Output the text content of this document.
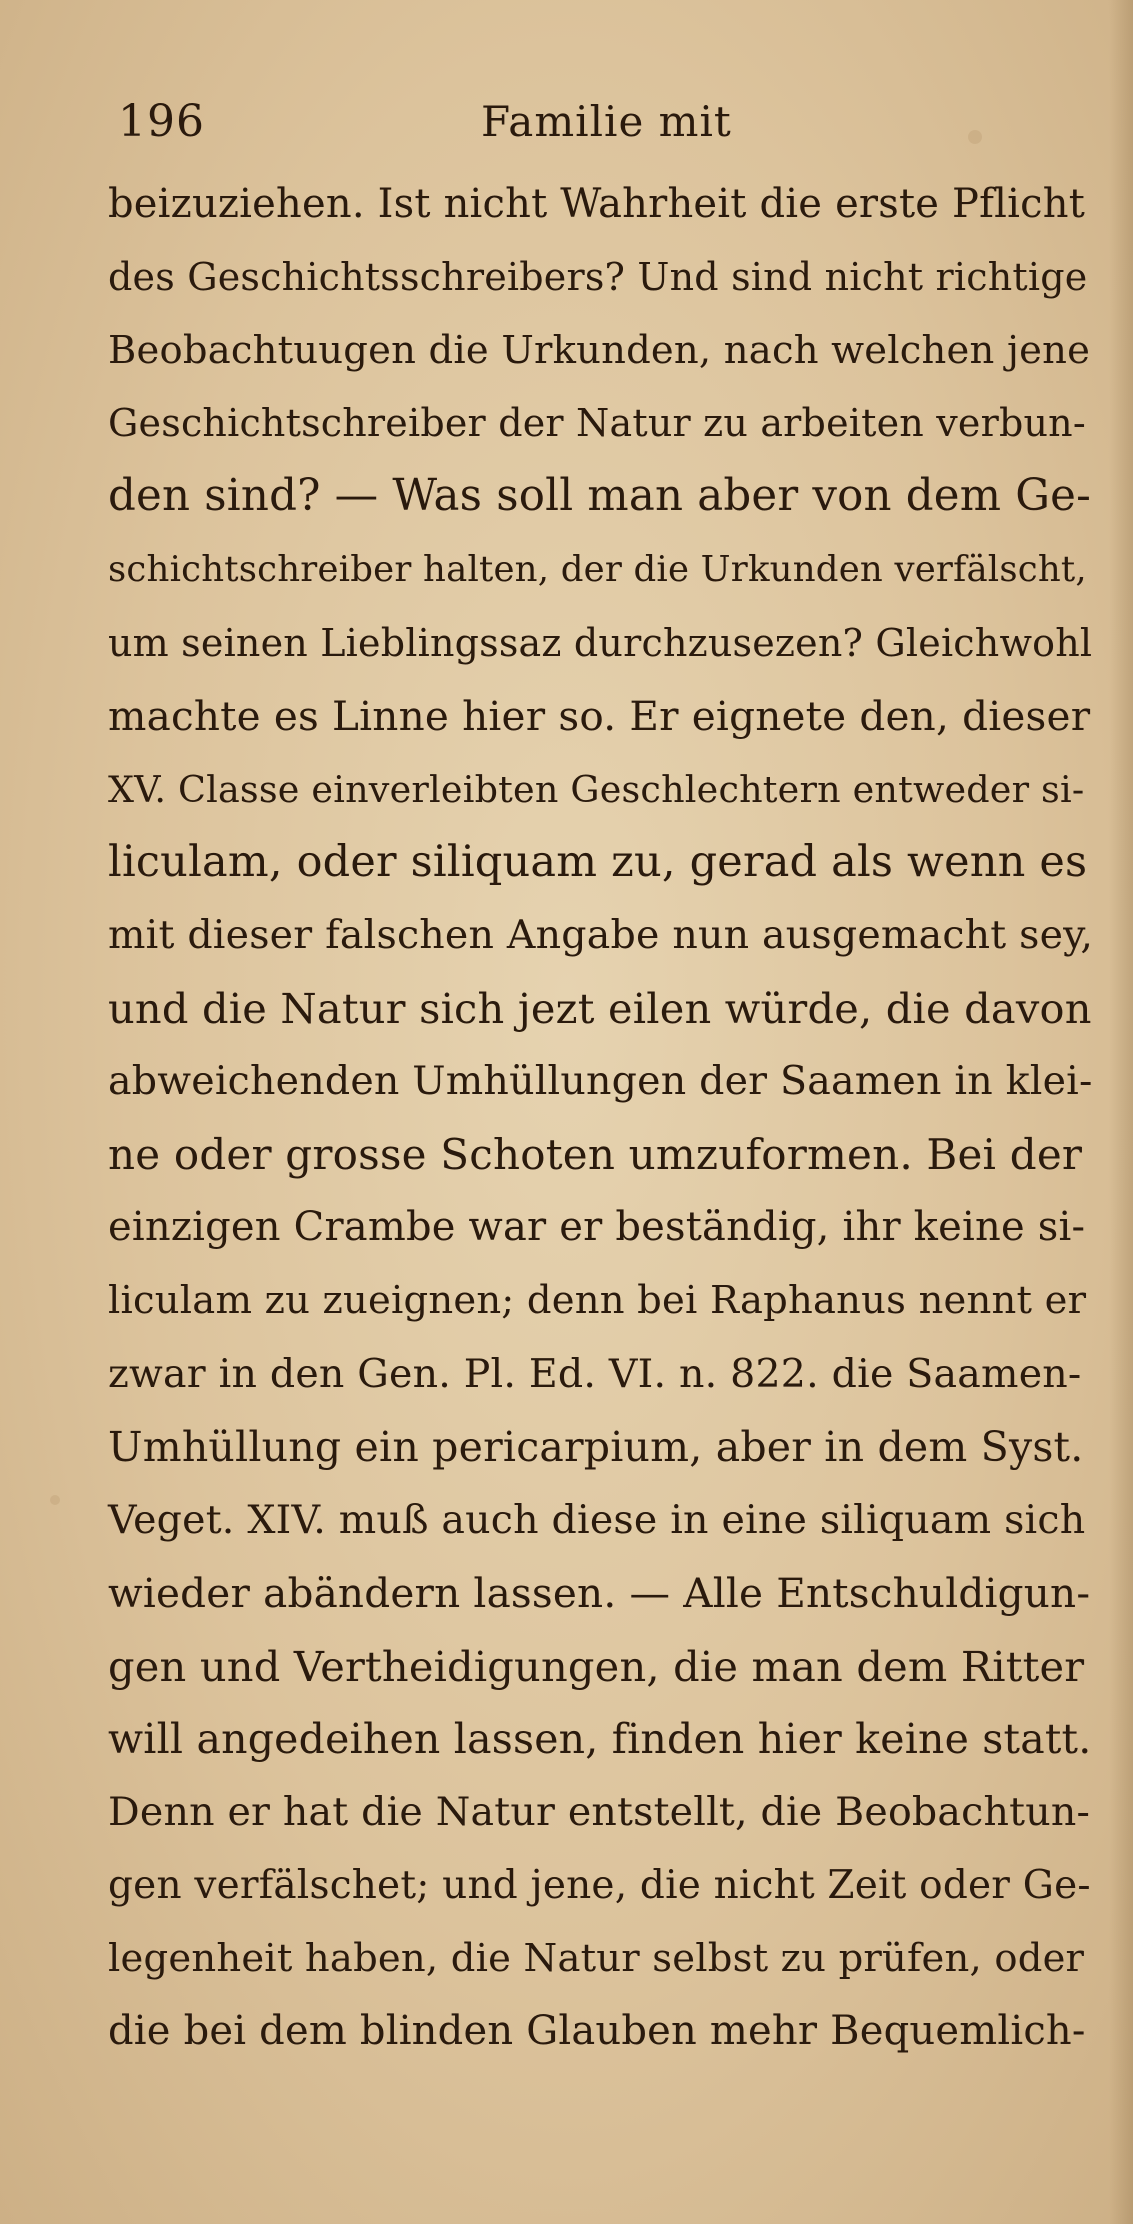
196	Familie mit
beizuziehen. Ist nicht Wahrheit die erste Pflicht
des Geschichtsschreibers? Und sind nicht richtige
Beobachtuugen die Urkunden, nach welchen jene
Geschichtschreiber der Natur zu arbeiten verbun-
den sind? — Was soll man aber von dem Ge-
schichtschreiber halten, der die Urkunden verfälscht,
um seinen Lieblingssaz durchzusezen? Gleichwohl
machte es Linne hier so. Er eignete den, dieser
XV. Classe einverleibten Geschlechtern entweder si-
liculam, oder siliquam zu, gerad als wenn es
mit dieser falschen Angabe nun ausgemacht sey,
und die Natur sich jezt eilen würde, die davon
abweichenden Umhüllungen der Saamen in klei-
ne oder grosse Schoten umzuformen. Bei der
einzigen Crambe war er beständig, ihr keine si-
liculam zu zueignen; denn bei Raphanus nennt er
zwar in den Gen. Pl. Ed. VI. n. 822. die Saamen-
Umhüllung ein pericarpium, aber in dem Syst.
Veget. XIV. muß auch diese in eine siliquam sich
wieder abändern lassen. — Alle Entschuldigun-
gen und Vertheidigungen, die man dem Ritter
will angedeihen lassen, finden hier keine statt.
Denn er hat die Natur entstellt, die Beobachtun-
gen verfälschet; und jene, die nicht Zeit oder Ge-
legenheit haben, die Natur selbst zu prüfen, oder
die bei dem blinden Glauben mehr Bequemlich-
